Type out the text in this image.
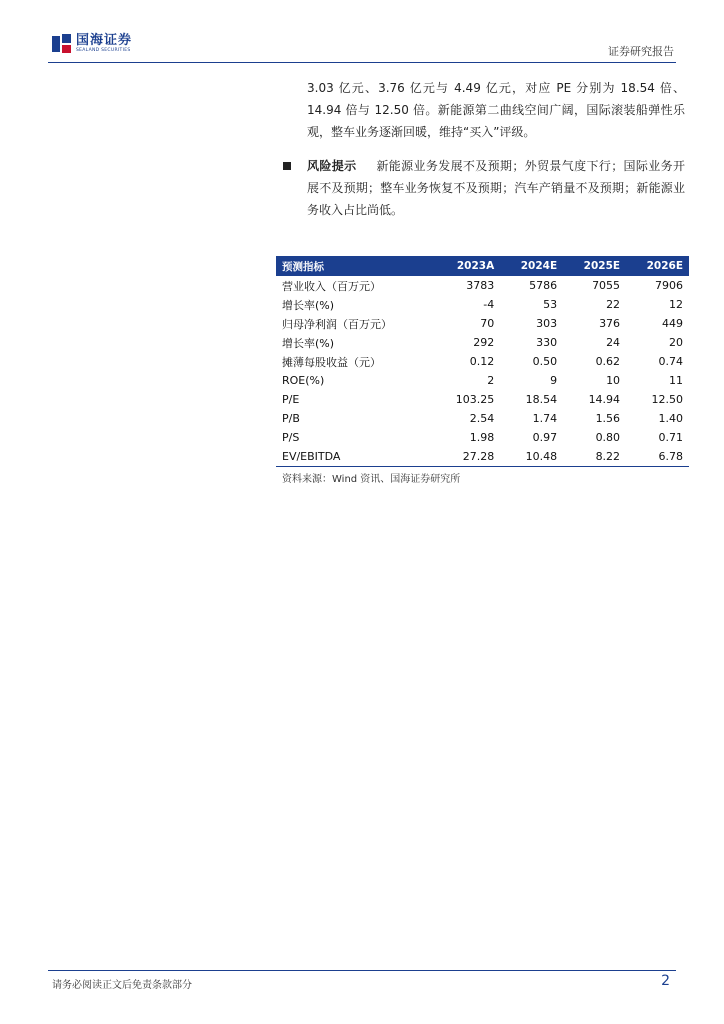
国海证券
SEALAND SECURITIES	证券研究报告
3.03 亿元、3.76 亿元与 4.49 亿元，对应 PE 分别为 18.54 倍、14.94 倍与 12.50 倍。新能源第二曲线空间广阔，国际滚装船弹性乐观，整车业务逐渐回暖，维持“买入”评级。
风险提示 新能源业务发展不及预期；外贸景气度下行；国际业务开展不及预期；整车业务恢复不及预期；汽车产销量不及预期；新能源业务收入占比尚低。
预测指标	2023A	2024E	2025E	2026E
营业收入（百万元）	3783	5786	7055	7906
增长率(%)	-4	53	22	12
归母净利润（百万元）	70	303	376	449
增长率(%)	292	330	24	20
摊薄每股收益（元）	0.12	0.50	0.62	0.74
ROE(%)	2	9	10	11
P/E	103.25	18.54	14.94	12.50
P/B	2.54	1.74	1.56	1.40
P/S	1.98	0.97	0.80	0.71
EV/EBITDA	27.28	10.48	8.22	6.78
资料来源：Wind 资讯、国海证券研究所
请务必阅读正文后免责条款部分	2
